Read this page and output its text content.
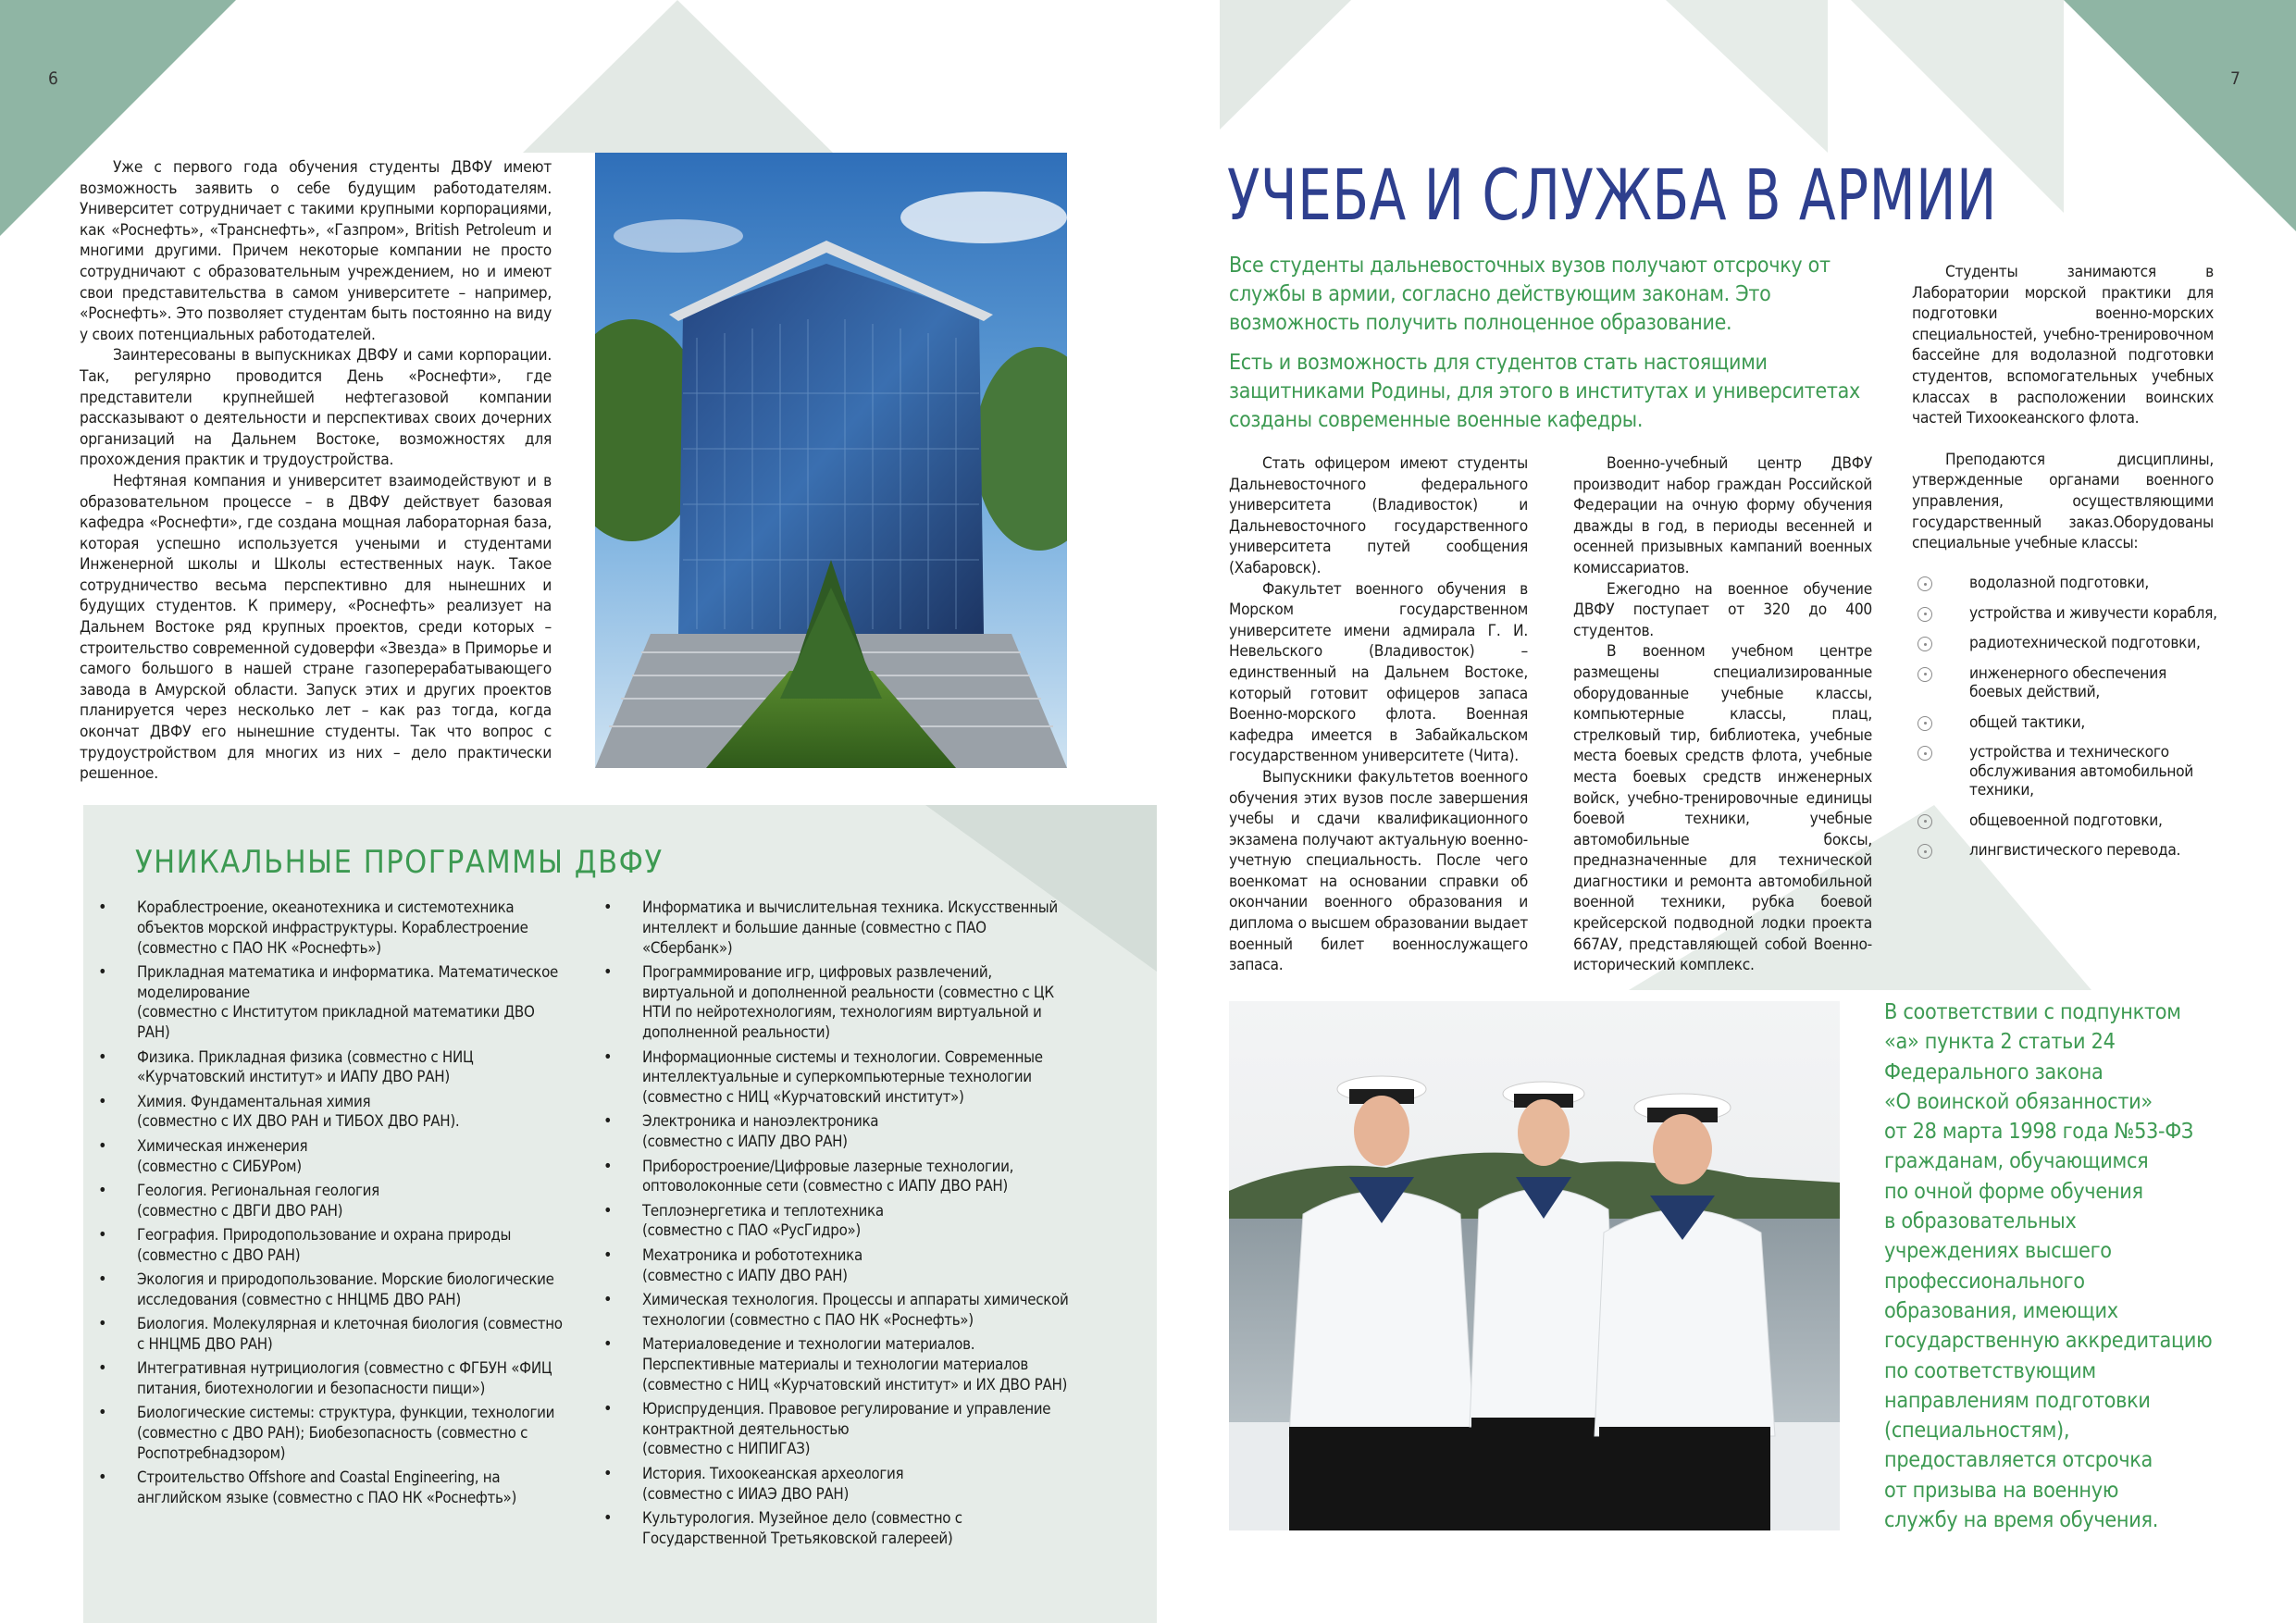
6	7

Уже с первого года обучения студенты ДВФУ имеют возможность заявить о себе будущим работодателям. Университет сотрудничает с такими крупными корпорациями, как «Роснефть», «Транснефть», «Газпром», British Petroleum и многими другими. Причем некоторые компании не просто сотрудничают с образовательным учреждением, но и имеют свои представительства в самом университете – например, «Роснефть». Это позволяет студентам быть постоянно на виду у своих потенциальных работодателей.

Заинтересованы в выпускниках ДВФУ и сами корпорации. Так, регулярно проводится День «Роснефти», где представители крупнейшей нефтегазовой компании рассказывают о деятельности и перспективах своих дочерних организаций на Дальнем Востоке, возможностях для прохождения практик и трудоустройства.

Нефтяная компания и университет взаимодействуют и в образовательном процессе – в ДВФУ действует базовая кафедра «Роснефти», где создана мощная лабораторная база, которая успешно используется учеными и студентами Инженерной школы и Школы естественных наук. Такое сотрудничество весьма перспективно для нынешних и будущих студентов. К примеру, «Роснефть» реализует на Дальнем Востоке ряд крупных проектов, среди которых – строительство современной судоверфи «Звезда» в Приморье и самого большого в нашей стране газоперерабатывающего завода в Амурской области. Запуск этих и других проектов планируется через несколько лет – как раз тогда, когда окончат ДВФУ его нынешние студенты. Так что вопрос с трудоустройством для многих из них – дело практически решенное.

УНИКАЛЬНЫЕ ПРОГРАММЫ ДВФУ
• Кораблестроение, океанотехника и системотехника объектов морской инфраструктуры. Кораблестроение (совместно с ПАО НК «Роснефть»)
• Прикладная математика и информатика. Математическое моделирование
(совместно с Институтом прикладной математики ДВО РАН)
• Физика. Прикладная физика (совместно с НИЦ «Курчатовский институт» и ИАПУ ДВО РАН)
• Химия. Фундаментальная химия
(совместно с ИХ ДВО РАН и ТИБОХ ДВО РАН).
• Химическая инженерия
(совместно с СИБУРом)
• Геология. Региональная геология
(совместно с ДВГИ ДВО РАН)
• География. Природопользование и охрана природы (совместно с ДВО РАН)
• Экология и природопользование. Морские биологические исследования (совместно с ННЦМБ ДВО РАН)
• Биология. Молекулярная и клеточная биология (совместно с ННЦМБ ДВО РАН)
• Интегративная нутрициология (совместно с ФГБУН «ФИЦ питания, биотехнологии и безопасности пищи»)
• Биологические системы: структура, функции, технологии (совместно с ДВО РАН); Биобезопасность (совместно с Роспотребнадзором)
• Строительство Offshore and Coastal Engineering, на английском языке (совместно с ПАО НК «Роснефть»)
• Информатика и вычислительная техника. Искусственный интеллект и большие данные (совместно с ПАО «Сбербанк»)
• Программирование игр, цифровых развлечений, виртуальной и дополненной реальности (совместно с ЦК НТИ по нейротехнологиям, технологиям виртуальной и дополненной реальности)
• Информационные системы и технологии. Современные интеллектуальные и суперкомпьютерные технологии (совместно с НИЦ «Курчатовский институт»)
• Электроника и наноэлектроника
(совместно с ИАПУ ДВО РАН)
• Приборостроение/Цифровые лазерные технологии, оптоволоконные сети (совместно с ИАПУ ДВО РАН)
• Теплоэнергетика и теплотехника
(совместно с ПАО «РусГидро»)
• Мехатроника и робототехника
(совместно с ИАПУ ДВО РАН)
• Химическая технология. Процессы и аппараты химической технологии (совместно с ПАО НК «Роснефть»)
• Материаловедение и технологии материалов. Перспективные материалы и технологии материалов (совместно с НИЦ «Курчатовский институт» и ИХ ДВО РАН)
• Юриспруденция. Правовое регулирование и управление контрактной деятельностью
(совместно с НИПИГАЗ)
• История. Тихоокеанская археология
(совместно с ИИАЭ ДВО РАН)
• Культурология. Музейное дело (совместно с Государственной Третьяковской галереей)
УЧЕБА И СЛУЖБА В АРМИИ

Все студенты дальневосточных вузов получают отсрочку от службы в армии, согласно действующим законам. Это возможность получить полноценное образование.

Есть и возможность для студентов стать настоящими защитниками Родины, для этого в институтах и университетах созданы современные военные кафедры.

Стать офицером имеют студенты Дальневосточного федерального университета (Владивосток) и Дальневосточного государственного университета путей сообщения (Хабаровск).

Факультет военного обучения в Морском государственном университете имени адмирала Г. И. Невельского (Владивосток) – единственный на Дальнем Востоке, который готовит офицеров запаса Военно-морского флота. Военная кафедра имеется в Забайкальском государственном университете (Чита).

Выпускники факультетов военного обучения этих вузов после завершения учебы и сдачи квалификационного экзамена получают актуальную военно-учетную специальность. После чего военкомат на основании справки об окончании военного образования и диплома о высшем образовании выдает военный билет военнослужащего запаса.

Военно-учебный центр ДВФУ производит набор граждан Российской Федерации на очную форму обучения дважды в год, в периоды весенней и осенней призывных кампаний военных комиссариатов.

Ежегодно на военное обучение ДВФУ поступает от 320 до 400 студентов.

В военном учебном центре размещены специализированные оборудованные учебные классы, компьютерные классы, плац, стрелковый тир, библиотека, учебные места боевых средств флота, учебные места боевых средств инженерных войск, учебно-тренировочные единицы боевой техники, учебные автомобильные боксы, предназначенные для технической диагностики и ремонта автомобильной военной техники, рубка боевой крейсерской подводной лодки проекта 667АУ, представляющей собой Военно-исторический комплекс.

Студенты занимаются в Лаборатории морской практики для подготовки военно-морских специальностей, учебно-тренировочном бассейне для водолазной подготовки студентов, вспомогательных учебных классах в расположении воинских частей Тихоокеанского флота.

Преподаются дисциплины, утвержденные органами военного управления, осуществляющими государственный заказ.Оборудованы специальные учебные классы:

водолазной подготовки,
устройства и живучести корабля,
радиотехнической подготовки,
инженерного обеспечения боевых действий,
общей тактики,
устройства и технического обслуживания автомобильной техники,
общевоенной подготовки,
лингвистического перевода.
В соответствии с подпунктом
«а» пункта 2 статьи 24
Федерального закона
«О воинской обязанности»
от 28 марта 1998 года №53-ФЗ
гражданам, обучающимся
по очной форме обучения
в образовательных
учреждениях высшего
профессионального
образования, имеющих
государственную аккредитацию
по соответствующим
направлениям подготовки
(специальностям),
предоставляется отсрочка
от призыва на военную
службу на время обучения.
